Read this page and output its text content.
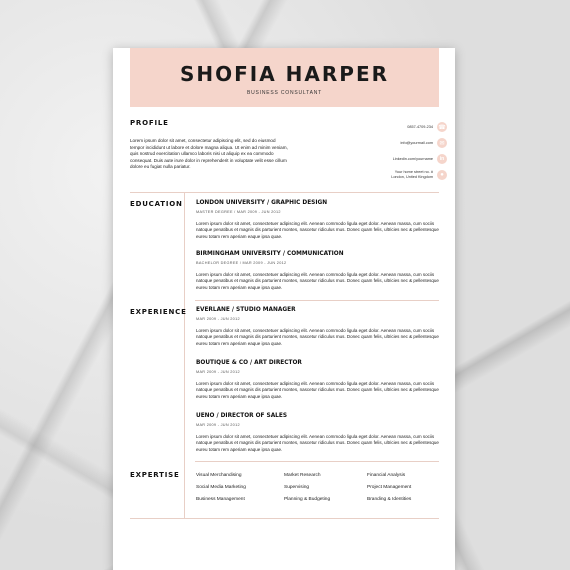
SHOFIA HARPER
BUSINESS CONSULTANT
PROFILE
Lorem ipsum dolor sit amet, consectetur adipiscing elit, sed do eiusmod tempor incididunt ut labore et dolore magna aliqua. Ut enim ad minim veniam, quis nostrud exercitation ullamco laboris nisi ut aliquip ex ea commodo consequat. Duis aute irure dolor in reprehenderit in voluptate velit esse cillum dolore eu fugiat nulla pariatur.
0857-4709-234 ☎
info@yourmail.com	✉
Linkedin.com/yourname	in
Your home street no. #
London, United Kingdom	●
EDUCATION LONDON UNIVERSITY / GRAPHIC DESIGN
MASTER DEGREE / MAR 2009 - JUN 2012
Lorem ipsum dolor sit amet, consectetuer adipiscing elit. Aenean commodo ligula eget dolor. Aenean massa, cum sociis natoque penatibus et magnis dis parturient montes, nascetur ridiculus mus. Donec quam felis, ultricies nec & pellentesque eureu totam rem aperiam eaque ipsa quae.
BIRMINGHAM UNIVERSITY / COMMUNICATION
BACHELOR DEGREE / MAR 2009 - JUN 2012
Lorem ipsum dolor sit amet, consectetuer adipiscing elit. Aenean commodo ligula eget dolor. Aenean massa, cum sociis natoque penatibus et magnis dis parturient montes, nascetur ridiculus mus. Donec quam felis, ultricies nec & pellentesque eureu totam rem aperiam eaque ipsa quae.
EXPERIENCE EVERLANE / STUDIO MANAGER
MAR 2009 - JUN 2012
Lorem ipsum dolor sit amet, consectetuer adipiscing elit. Aenean commodo ligula eget dolor. Aenean massa, cum sociis natoque penatibus et magnis dis parturient montes, nascetur ridiculus mus. Donec quam felis, ultricies nec & pellentesque eureu totam rem aperiam eaque ipsa quae.
BOUTIQUE & CO / ART DIRECTOR
MAR 2009 - JUN 2012
Lorem ipsum dolor sit amet, consectetuer adipiscing elit. Aenean commodo ligula eget dolor. Aenean massa, cum sociis natoque penatibus et magnis dis parturient montes, nascetur ridiculus mus. Donec quam felis, ultricies nec & pellentesque eureu totam rem aperiam eaque ipsa quae.
UENO / DIRECTOR OF SALES
MAR 2009 - JUN 2012
Lorem ipsum dolor sit amet, consectetuer adipiscing elit. Aenean commodo ligula eget dolor. Aenean massa, cum sociis natoque penatibus et magnis dis parturient montes, nascetur ridiculus mus. Donec quam felis, ultricies nec & pellentesque eureu totam rem aperiam eaque ipsa quae.
EXPERTISE	Visual Merchandising	Market Research	Financial Analysis
Social Media Marketing	Supervising	Project Management
Business Management	Planning & Budgeting	Branding & Identities
